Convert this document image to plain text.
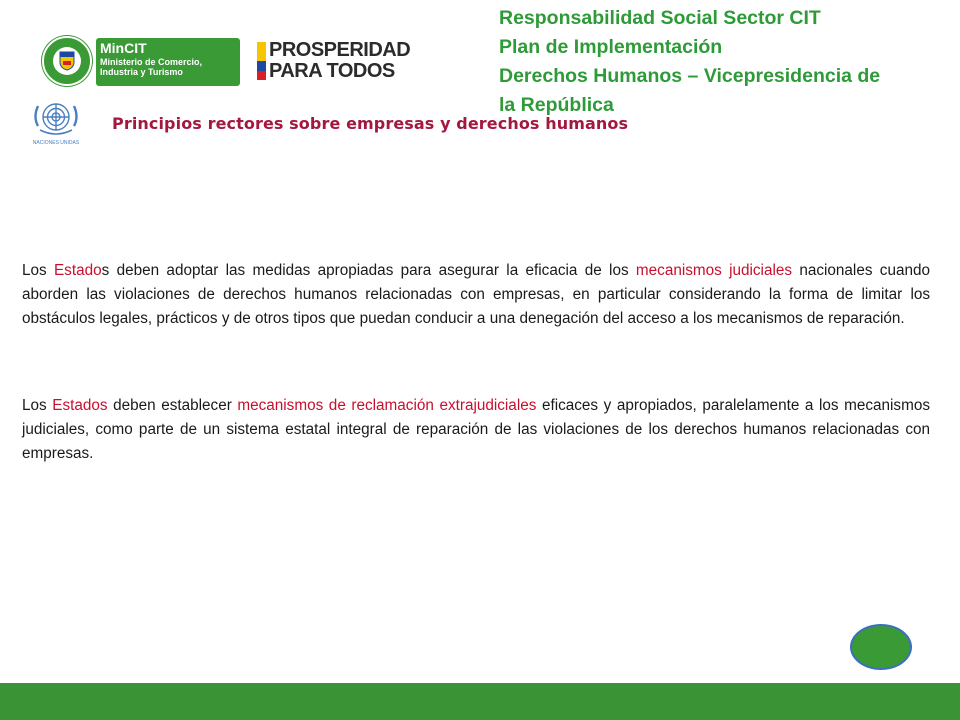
MinCIT
Ministerio de Comercio,
Industria y Turismo
PROSPERIDAD
PARA TODOS
NACIONES UNIDAS
Responsabilidad Social Sector CIT
Plan de Implementación
Derechos Humanos – Vicepresidencia de
la República
Principios rectores sobre empresas y derechos humanos

Los Estados deben adoptar las medidas apropiadas para asegurar la eficacia de los mecanismos judiciales nacionales cuando aborden las violaciones de derechos humanos relacionadas con empresas, en particular considerando la forma de limitar los obstáculos legales, prácticos y de otros tipos que puedan conducir a una denegación del acceso a los mecanismos de reparación.

Los Estados deben establecer mecanismos de reclamación extrajudiciales eficaces y apropiados, paralelamente a los mecanismos judiciales, como parte de un sistema estatal integral de reparación de las violaciones de los derechos humanos relacionadas con empresas.
